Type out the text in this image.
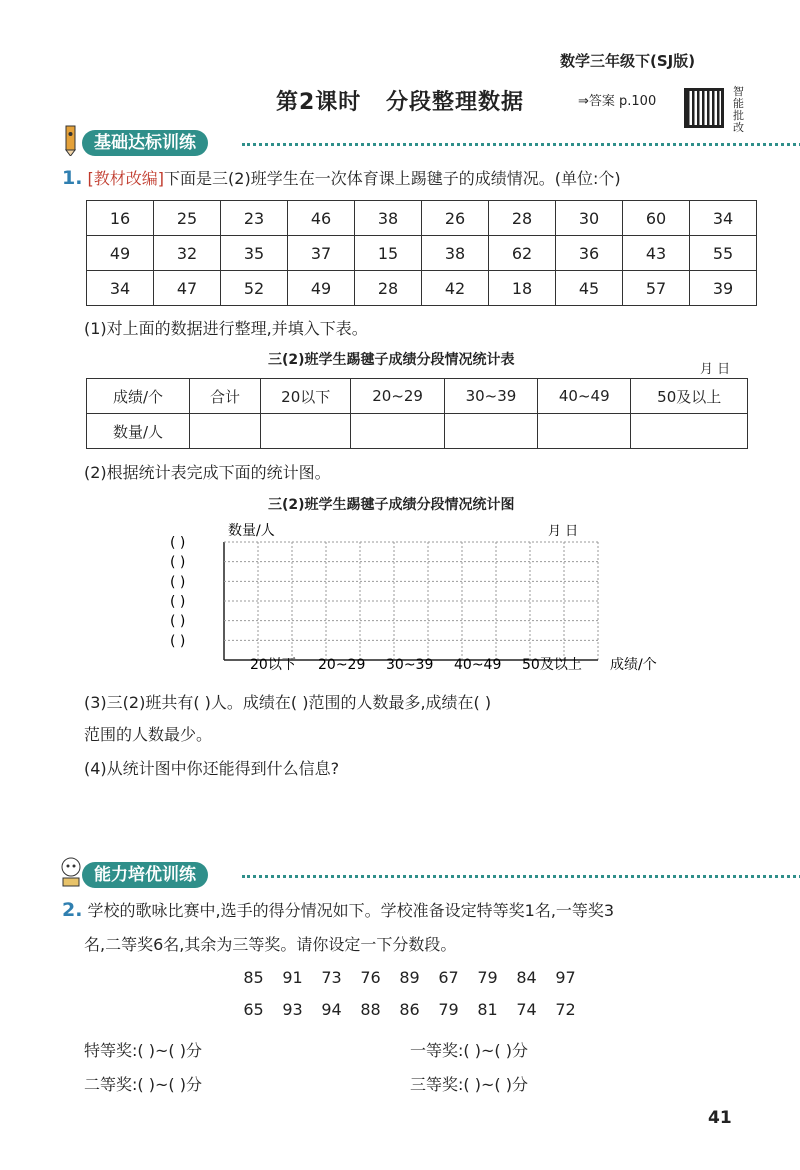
数学三年级下(SJ版)
第2课时 分段整理数据	⇒答案 p.100
智
能
批
改
基础达标训练
1. [教材改编]下面是三(2)班学生在一次体育课上踢毽子的成绩情况。(单位:个)
16	25	23	46	38	26	28	30	60	34
49	32	35	37	15	38	62	36	43	55
34	47	52	49	28	42	18	45	57	39
(1)对上面的数据进行整理,并填入下表。
三(2)班学生踢毽子成绩分段情况统计表
月 日
成绩/个	合计	20以下	20~29	30~39	40~49	50及以上
数量/人						
(2)根据统计表完成下面的统计图。
三(2)班学生踢毽子成绩分段情况统计图
( )
( )
( )
( )
( )
( )
20以下 20~29 30~39 40~49 50及以上
数量/人	月 日
成绩/个
(3)三(2)班共有( )人。成绩在( )范围的人数最多,成绩在( )
范围的人数最少。
(4)从统计图中你还能得到什么信息?
能力培优训练
2. 学校的歌咏比赛中,选手的得分情况如下。学校准备设定特等奖1名,一等奖3
名,二等奖6名,其余为三等奖。请你设定一下分数段。
85 91 73 76 89 67 79 84 97
65 93 94 88 86 79 81 74 72
特等奖:( )~( )分	一等奖:( )~( )分
二等奖:( )~( )分	三等奖:( )~( )分
41
